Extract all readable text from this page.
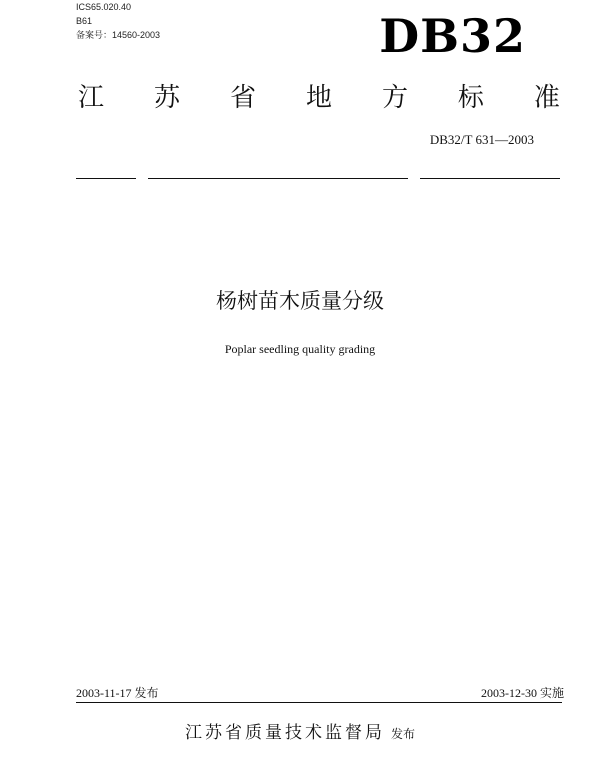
ICS65.020.40
B61
备案号：14560-2003	DB32
江 苏 省 地 方 标 准
DB32/T 631—2003
杨树苗木质量分级
Poplar seedling quality grading
2003-11-17 发布	2003-12-30 实施
江苏省质量技术监督局 发布
